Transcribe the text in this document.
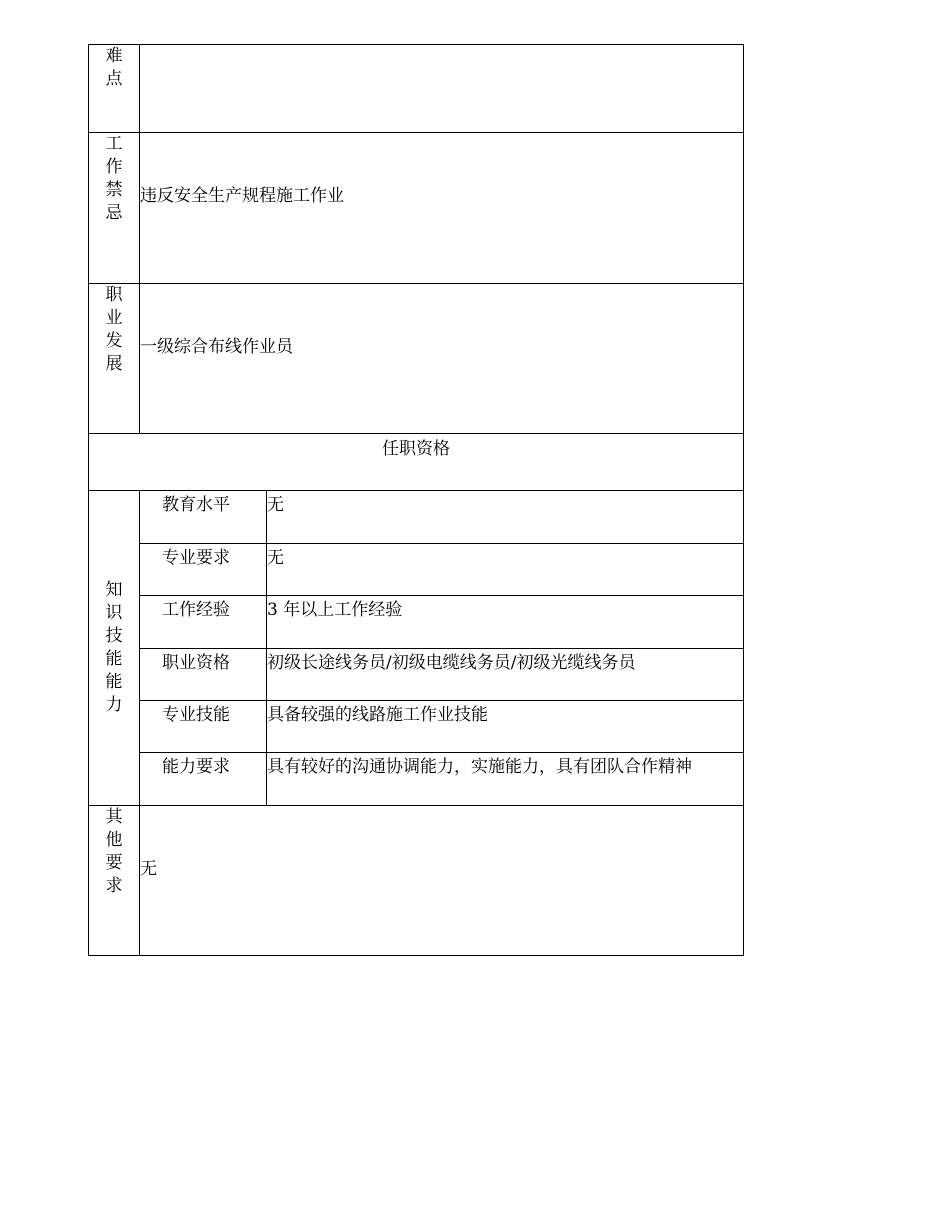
难点		
工作禁忌	违反安全生产规程施工作业	
职业发展	一级综合布线作业员	
任职资格		
知识技能能力	教育水平	无
	专业要求	无
	工作经验	3 年以上工作经验
	职业资格	初级长途线务员/初级电缆线务员/初级光缆线务员
	专业技能	具备较强的线路施工作业技能
	能力要求	具有较好的沟通协调能力，实施能力，具有团队合作精神
其他要求	无	
